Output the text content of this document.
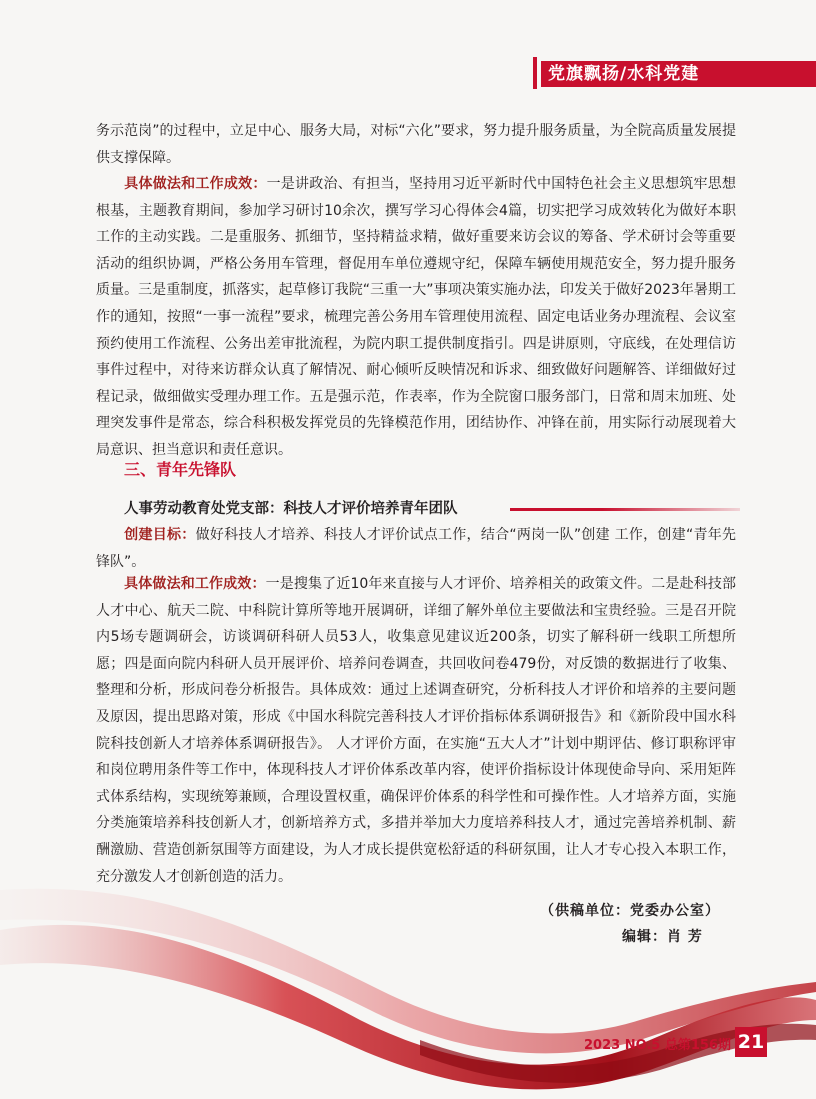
党旗飘扬/水科党建
务示范岗”的过程中，立足中心、服务大局，对标“六化”要求，努力提升服务质量，为全院高质量发展提供支撑保障。
具体做法和工作成效：一是讲政治、有担当，坚持用习近平新时代中国特色社会主义思想筑牢思想根基，主题教育期间，参加学习研讨10余次，撰写学习心得体会4篇，切实把学习成效转化为做好本职工作的主动实践。二是重服务、抓细节，坚持精益求精，做好重要来访会议的筹备、学术研讨会等重要活动的组织协调，严格公务用车管理，督促用车单位遵规守纪，保障车辆使用规范安全，努力提升服务质量。三是重制度，抓落实，起草修订我院“三重一大”事项决策实施办法，印发关于做好2023年暑期工作的通知，按照“一事一流程”要求，梳理完善公务用车管理使用流程、固定电话业务办理流程、会议室预约使用工作流程、公务出差审批流程，为院内职工提供制度指引。四是讲原则，守底线，在处理信访事件过程中，对待来访群众认真了解情况、耐心倾听反映情况和诉求、细致做好问题解答、详细做好过程记录，做细做实受理办理工作。五是强示范，作表率，作为全院窗口服务部门，日常和周末加班、处理突发事件是常态，综合科积极发挥党员的先锋模范作用，团结协作、冲锋在前，用实际行动展现着大局意识、担当意识和责任意识。
三、青年先锋队
人事劳动教育处党支部：科技人才评价培养青年团队
创建目标：做好科技人才培养、科技人才评价试点工作，结合“两岗一队”创建 工作，创建“青年先锋队”。
具体做法和工作成效：一是搜集了近10年来直接与人才评价、培养相关的政策文件。二是赴科技部人才中心、航天二院、中科院计算所等地开展调研，详细了解外单位主要做法和宝贵经验。三是召开院内5场专题调研会，访谈调研科研人员53人，收集意见建议近200条，切实了解科研一线职工所想所愿；四是面向院内科研人员开展评价、培养问卷调查，共回收问卷479份，对反馈的数据进行了收集、整理和分析，形成问卷分析报告。具体成效：通过上述调查研究，分析科技人才评价和培养的主要问题及原因，提出思路对策，形成《中国水科院完善科技人才评价指标体系调研报告》和《新阶段中国水科院科技创新人才培养体系调研报告》。 人才评价方面，在实施“五大人才”计划中期评估、修订职称评审和岗位聘用条件等工作中，体现科技人才评价体系改革内容，使评价指标设计体现使命导向、采用矩阵式体系结构，实现统筹兼顾，合理设置权重，确保评价体系的科学性和可操作性。人才培养方面，实施分类施策培养科技创新人才，创新培养方式，多措并举加大力度培养科技人才，通过完善培养机制、薪酬激励、营造创新氛围等方面建设，为人才成长提供宽松舒适的科研氛围，让人才专心投入本职工作，充分激发人才创新创造的活力。
（供稿单位：党委办公室）
编辑：肖 芳
2023 NO.5 总第156期 21
